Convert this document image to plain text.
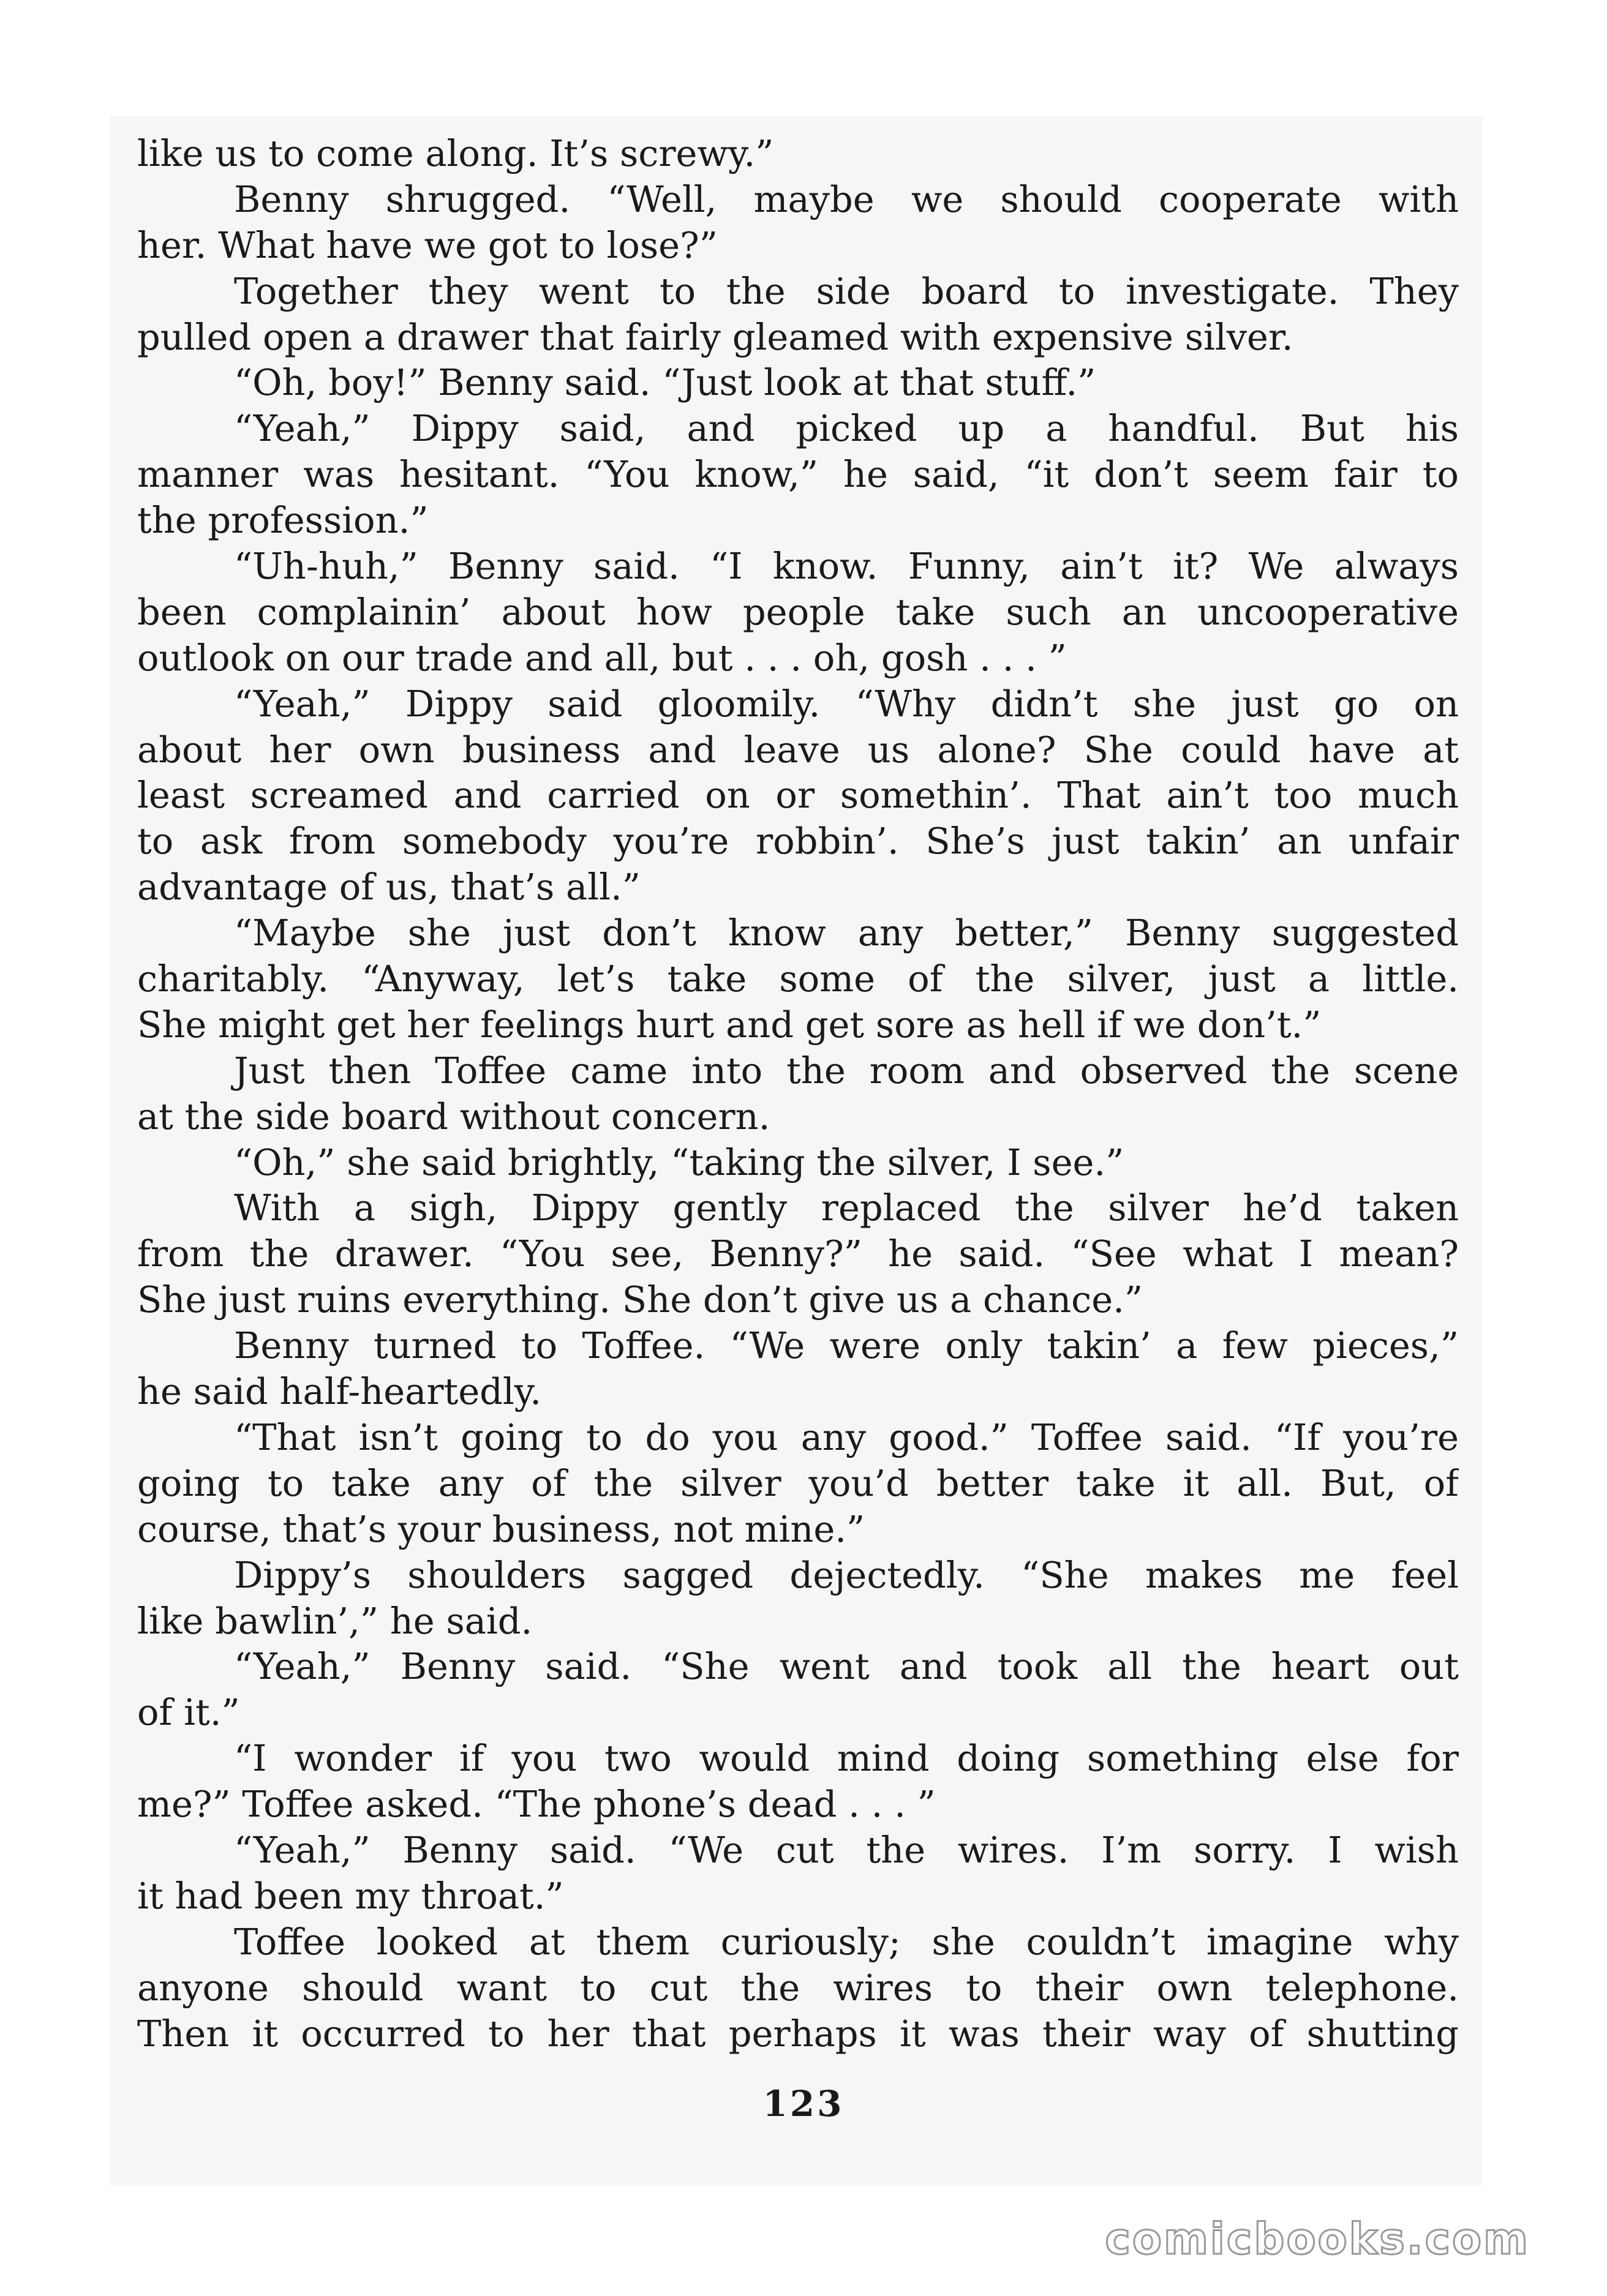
like us to come along. It’s screwy.”
Benny shrugged. “Well, maybe we should cooperate with
her. What have we got to lose?”
Together they went to the side board to investigate. They
pulled open a drawer that fairly gleamed with expensive silver.
“Oh, boy!” Benny said. “Just look at that stuff.”
“Yeah,” Dippy said, and picked up a handful. But his
manner was hesitant. “You know,” he said, “it don’t seem fair to
the profession.”
“Uh-huh,” Benny said. “I know. Funny, ain’t it? We always
been complainin’ about how people take such an uncooperative
outlook on our trade and all, but . . . oh, gosh . . . ”
“Yeah,” Dippy said gloomily. “Why didn’t she just go on
about her own business and leave us alone? She could have at
least screamed and carried on or somethin’. That ain’t too much
to ask from somebody you’re robbin’. She’s just takin’ an unfair
advantage of us, that’s all.”
“Maybe she just don’t know any better,” Benny suggested
charitably. “Anyway, let’s take some of the silver, just a little.
She might get her feelings hurt and get sore as hell if we don’t.”
Just then Toffee came into the room and observed the scene
at the side board without concern.
“Oh,” she said brightly, “taking the silver, I see.”
With a sigh, Dippy gently replaced the silver he’d taken
from the drawer. “You see, Benny?” he said. “See what I mean?
She just ruins everything. She don’t give us a chance.”
Benny turned to Toffee. “We were only takin’ a few pieces,”
he said half-heartedly.
“That isn’t going to do you any good.” Toffee said. “If you’re
going to take any of the silver you’d better take it all. But, of
course, that’s your business, not mine.”
Dippy’s shoulders sagged dejectedly. “She makes me feel
like bawlin’,” he said.
“Yeah,” Benny said. “She went and took all the heart out
of it.”
“I wonder if you two would mind doing something else for
me?” Toffee asked. “The phone’s dead . . . ”
“Yeah,” Benny said. “We cut the wires. I’m sorry. I wish
it had been my throat.”
Toffee looked at them curiously; she couldn’t imagine why
anyone should want to cut the wires to their own telephone.
Then it occurred to her that perhaps it was their way of shutting
123
comicbooks.com
